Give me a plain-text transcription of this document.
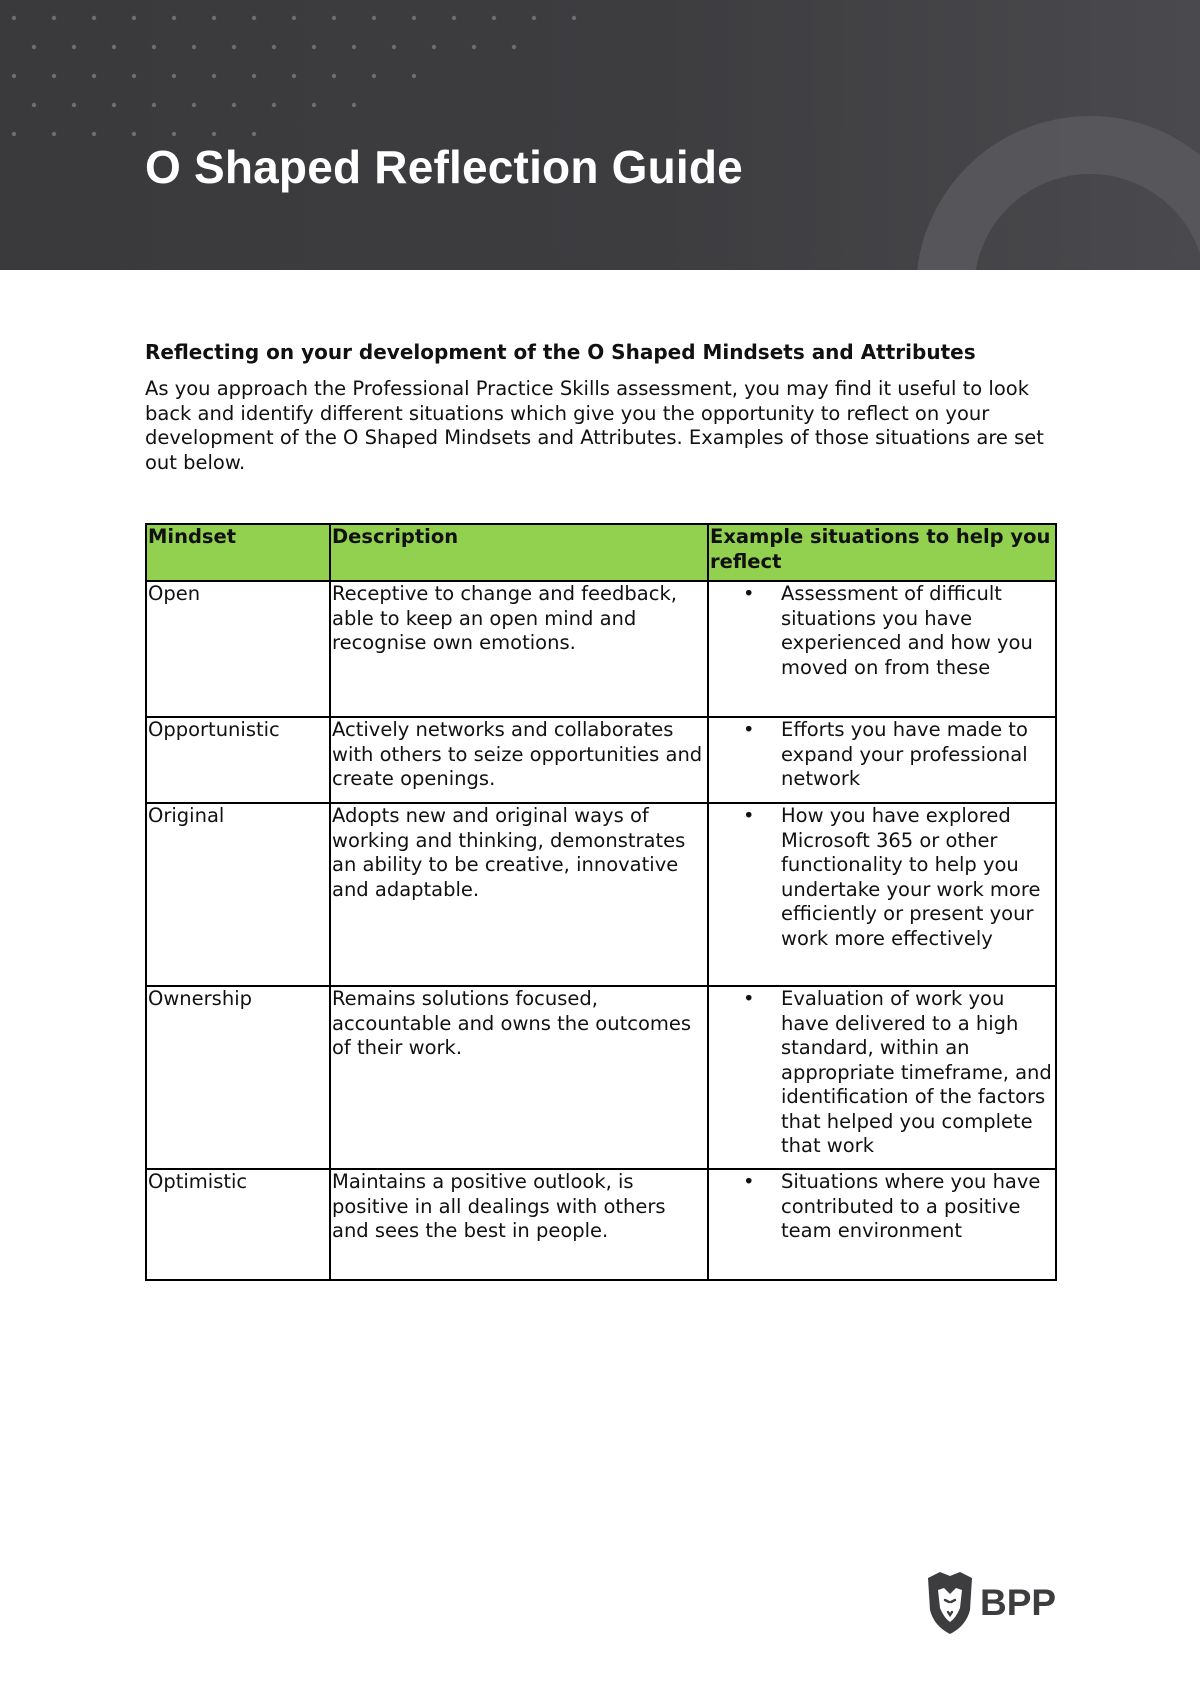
O Shaped Reflection Guide
Reflecting on your development of the O Shaped Mindsets and Attributes

As you approach the Professional Practice Skills assessment, you may find it useful to look back and identify different situations which give you the opportunity to reflect on your development of the O Shaped Mindsets and Attributes. Examples of those situations are set out below.

Mindset	Description	Example situations to help you reflect
Open	Receptive to change and feedback, able to keep an open mind and recognise own emotions.	• Assessment of difficult situations you have experienced and how you moved on from these

Opportunistic	Actively networks and collaborates with others to seize opportunities and create openings.	• Efforts you have made to expand your professional network

Original	Adopts new and original ways of working and thinking, demonstrates an ability to be creative, innovative and adaptable.	• How you have explored Microsoft 365 or other functionality to help you undertake your work more efficiently or present your work more effectively

Ownership	Remains solutions focused, accountable and owns the outcomes of their work.	• Evaluation of work you have delivered to a high standard, within an appropriate timeframe, and identification of the factors that helped you complete that work

Optimistic	Maintains a positive outlook, is positive in all dealings with others and sees the best in people.	• Situations where you have contributed to a positive team environment
BPP
